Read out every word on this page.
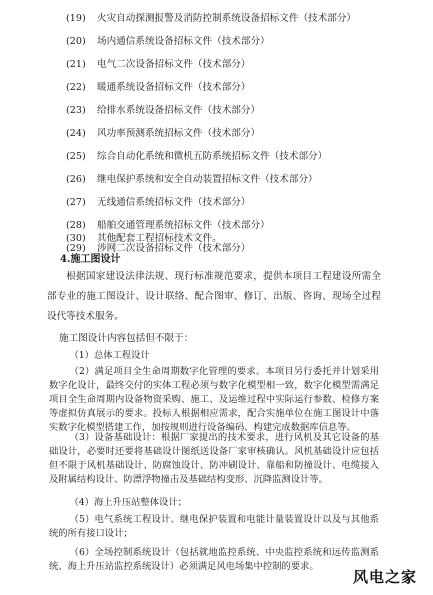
(19) 火灾自动探测报警及消防控制系统设备招标文件（技术部分）
(20) 场内通信系统设备招标文件（技术部分）
(21) 电气二次设备招标文件（技术部分）
(22) 暖通系统设备招标文件（技术部分）
(23) 给排水系统设备招标文件（技术部分）
(24) 风功率预测系统招标文件（技术部分）
(25) 综合自动化系统和微机五防系统招标文件（技术部分）
(26) 继电保护系统和安全自动装置招标文件（技术部分）
(27) 无线通信系统招标文件（技术部分）
(28) 船舶交通管理系统招标文件（技术部分）
(29) 涉网二次设备招标文件（技术部分）
(30) 其他配套工程招标技术文件。
4.施工图设计
根据国家建设法律法规、现行标准规范要求，提供本项目工程建设所需全部专业的施工图设计、设计联络、配合图审、修订、出版、咨询、现场全过程设代等技术服务。
施工图设计内容包括但不限于：
（1）总体工程设计
（2）满足项目全生命周期数字化管理的要求。本项目另行委托并计划采用数字化设计，最终交付的实体工程必须与数字化模型相一致，数字化模型需满足项目全生命周期内设备物资采购、施工、及运维过程中实际运行参数、检修方案等虚拟仿真展示的要求。投标人根据相应需求，配合实施单位在施工图设计中落实数字化模型搭建工作，加按规则进行设备编码、构建完成数据库信息等。
（3）设备基础设计：根据厂家提出的技术要求，进行风机及其它设备的基础设计，必要时还要将基础设计图纸送设备厂家审核确认。风机基础设计应包括但不限于风机基础设计、防腐蚀设计、防冲刷设计、靠船和防撞设计、电缆接入及附属结构设计、防漂浮物撞击及基础结构变形、沉降监测设计等。
（4）海上升压站整体设计；
（5）电气系统工程设计、继电保护装置和电能计量装置设计以及与其他系统的所有接口设计；
（6）全场控制系统设计（包括就地监控系统、中央监控系统和远传监测系统、海上升压站监控系统设计）必须满足风电场集中控制的要求。
风电之家
